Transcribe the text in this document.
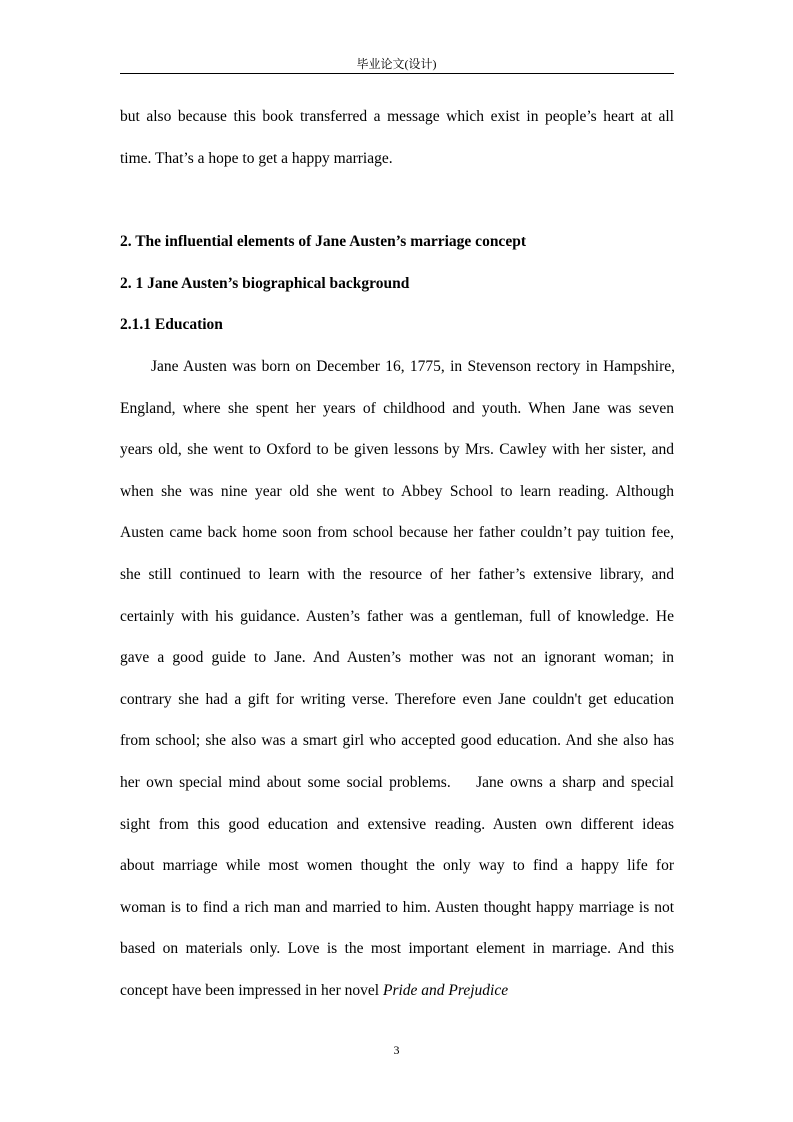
毕业论文(设计)
but also because this book transferred a message which exist in people’s heart at all
time. That’s a hope to get a happy marriage.
2. The influential elements of Jane Austen’s marriage concept
2. 1 Jane Austen’s biographical background
2.1.1 Education
Jane Austen was born on December 16, 1775, in Stevenson rectory in Hampshire,
England, where she spent her years of childhood and youth. When Jane was seven
years old, she went to Oxford to be given lessons by Mrs. Cawley with her sister, and
when she was nine year old she went to Abbey School to learn reading. Although
Austen came back home soon from school because her father couldn’t pay tuition fee,
she still continued to learn with the resource of her father’s extensive library, and
certainly with his guidance. Austen’s father was a gentleman, full of knowledge. He
gave a good guide to Jane. And Austen’s mother was not an ignorant woman; in
contrary she had a gift for writing verse. Therefore even Jane couldn't get education
from school; she also was a smart girl who accepted good education. And she also has
her own special mind about some social problems.    Jane owns a sharp and special
sight from this good education and extensive reading. Austen own different ideas
about marriage while most women thought the only way to find a happy life for
woman is to find a rich man and married to him. Austen thought happy marriage is not
based on materials only. Love is the most important element in marriage. And this
concept have been impressed in her novel Pride and Prejudice
3
